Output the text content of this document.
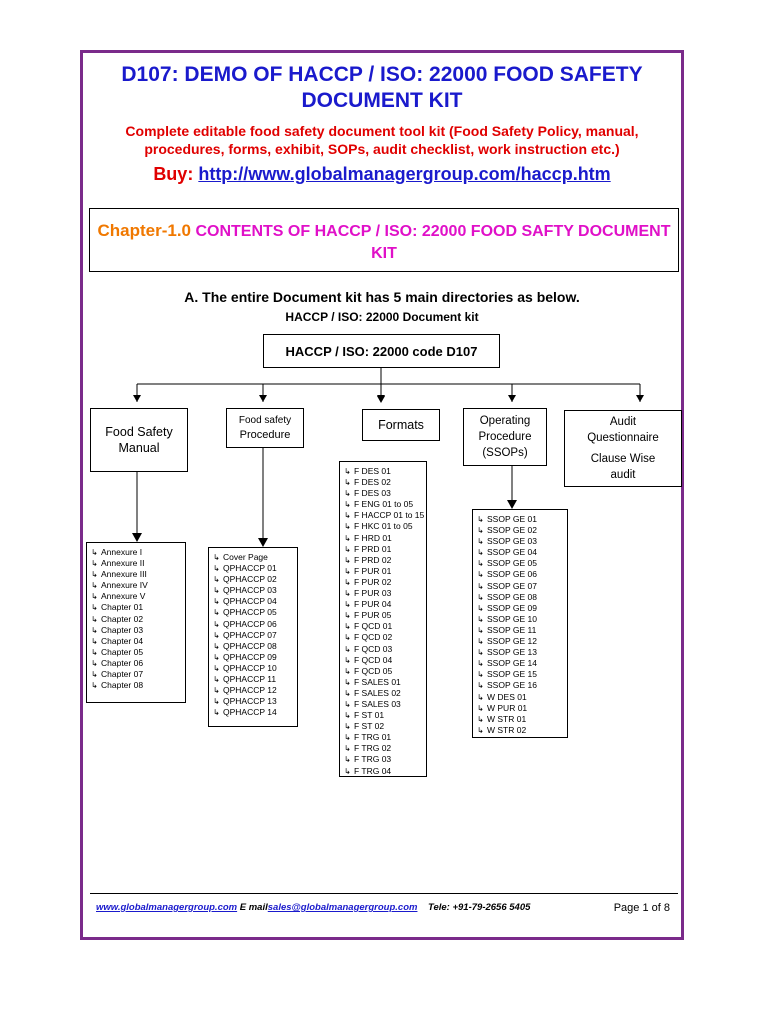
D107: DEMO OF HACCP / ISO: 22000 FOOD SAFETY DOCUMENT KIT
Complete editable food safety document tool kit (Food Safety Policy, manual, procedures, forms, exhibit, SOPs, audit checklist, work instruction etc.)
Buy: http://www.globalmanagergroup.com/haccp.htm
Chapter-1.0 CONTENTS OF HACCP / ISO: 22000 FOOD SAFTY DOCUMENT KIT
A. The entire Document kit has 5 main directories as below.
HACCP / ISO: 22000 Document kit
HACCP / ISO: 22000 code D107
Food Safety
Manual
Food safety
Procedure
Formats	Operating
Procedure
(SSOPs)
Audit
Questionnaire
Clause Wise
audit
↳ Annexure I
↳ Annexure II
↳ Annexure III
↳ Annexure IV
↳ Annexure V
↳ Chapter 01
↳ Chapter 02
↳ Chapter 03
↳ Chapter 04
↳ Chapter 05
↳ Chapter 06
↳ Chapter 07
↳ Chapter 08
↳ Cover Page
↳ QPHACCP 01
↳ QPHACCP 02
↳ QPHACCP 03
↳ QPHACCP 04
↳ QPHACCP 05
↳ QPHACCP 06
↳ QPHACCP 07
↳ QPHACCP 08
↳ QPHACCP 09
↳ QPHACCP 10
↳ QPHACCP 11
↳ QPHACCP 12
↳ QPHACCP 13
↳ QPHACCP 14
↳ F DES 01
↳ F DES 02
↳ F DES 03
↳ F ENG 01 to 05
↳ F HACCP 01 to 15
↳ F HKC 01 to 05
↳ F HRD 01
↳ F PRD 01
↳ F PRD 02
↳ F PUR 01
↳ F PUR 02
↳ F PUR 03
↳ F PUR 04
↳ F PUR 05
↳ F QCD 01
↳ F QCD 02
↳ F QCD 03
↳ F QCD 04
↳ F QCD 05
↳ F SALES 01
↳ F SALES 02
↳ F SALES 03
↳ F ST 01
↳ F ST 02
↳ F TRG 01
↳ F TRG 02
↳ F TRG 03
↳ F TRG 04
↳ SSOP GE 01
↳ SSOP GE 02
↳ SSOP GE 03
↳ SSOP GE 04
↳ SSOP GE 05
↳ SSOP GE 06
↳ SSOP GE 07
↳ SSOP GE 08
↳ SSOP GE 09
↳ SSOP GE 10
↳ SSOP GE 11
↳ SSOP GE 12
↳ SSOP GE 13
↳ SSOP GE 14
↳ SSOP GE 15
↳ SSOP GE 16
↳ W DES 01
↳ W PUR 01
↳ W STR 01
↳ W STR 02
www.globalmanagergroup.com E mailsales@globalmanagergroup.com Tele: +91-79-2656 5405	Page 1 of 8
